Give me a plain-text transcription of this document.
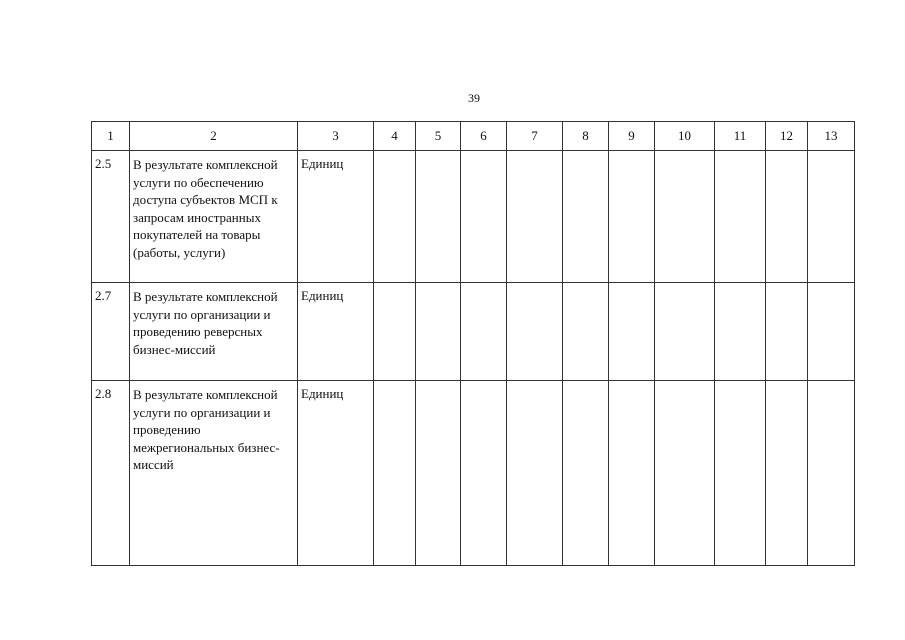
39
1	2	3	4	5	6	7	8	9	10	11	12	13
2.5	В результате комплексной услуги по обеспечению доступа субъектов МСП к запросам иностранных покупателей на товары (работы, услуги)	Единиц										
2.7	В результате комплексной услуги по организации и проведению реверсных бизнес-миссий	Единиц										
2.8	В результате комплексной услуги по организации и проведению межрегиональных бизнес-миссий	Единиц										
